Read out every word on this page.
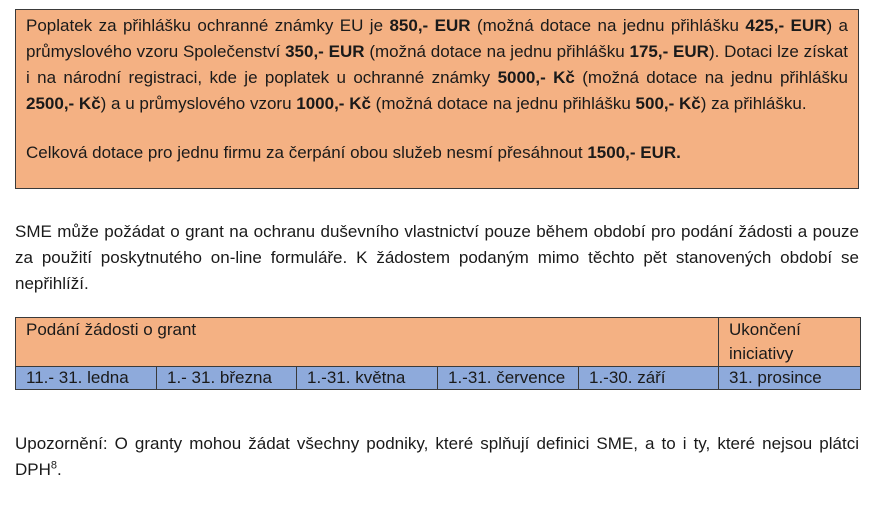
Poplatek za přihlášku ochranné známky EU je 850,- EUR (možná dotace na jednu přihlášku 425,- EUR) a průmyslového vzoru Společenství 350,- EUR (možná dotace na jednu přihlášku 175,- EUR). Dotaci lze získat i na národní registraci, kde je poplatek u ochranné známky 5000,- Kč (možná dotace na jednu přihlášku 2500,- Kč) a u průmyslového vzoru 1000,- Kč (možná dotace na jednu přihlášku 500,- Kč) za přihlášku.

Celková dotace pro jednu firmu za čerpání obou služeb nesmí přesáhnout 1500,- EUR.

SME může požádat o grant na ochranu duševního vlastnictví pouze během období pro podání žádosti a pouze za použití poskytnutého on-line formuláře. K žádostem podaným mimo těchto pět stanovených období se nepřihlíží.

Podání žádosti o grant					Ukončení iniciativy
11.- 31. ledna	1.- 31. března	1.-31. května	1.-31. července	1.-30. září	31. prosince

Upozornění: O granty mohou žádat všechny podniky, které splňují definici SME, a to i ty, které nejsou plátci DPH$^8$.
